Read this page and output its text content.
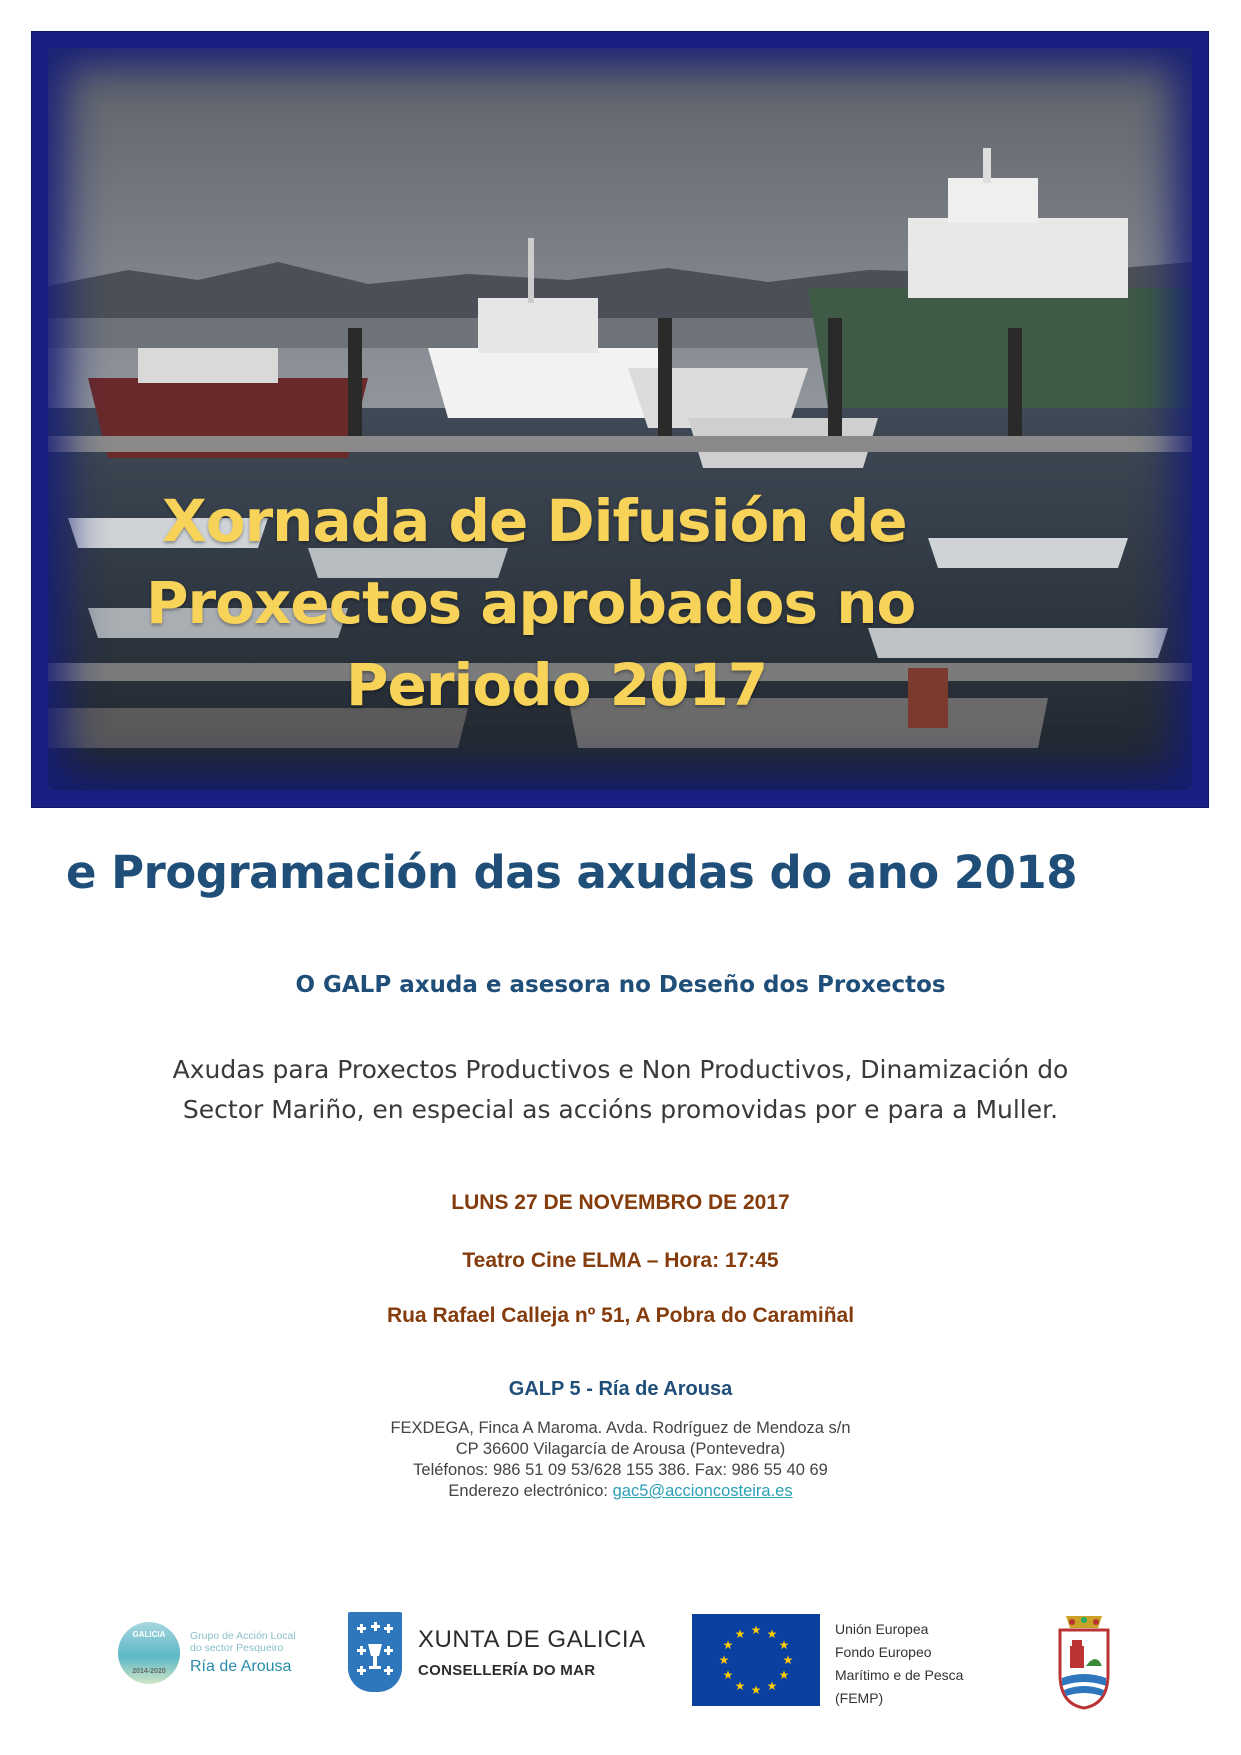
Xornada de Difusión de
Proxectos aprobados no
Periodo 2017
e Programación das axudas do ano 2018
O GALP axuda e asesora no Deseño dos Proxectos
Axudas para Proxectos Productivos e Non Productivos, Dinamización do
Sector Mariño, en especial as accións promovidas por e para a Muller.
LUNS 27 DE NOVEMBRO DE 2017
Teatro Cine ELMA – Hora: 17:45
Rua Rafael Calleja nº 51, A Pobra do Caramiñal
GALP 5 - Ría de Arousa
FEXDEGA, Finca A Maroma. Avda. Rodríguez de Mendoza s/n
CP 36600 Vilagarcía de Arousa (Pontevedra)
Teléfonos: 986 51 09 53/628 155 386. Fax: 986 55 40 69
Enderezo electrónico: gac5@accioncosteira.es
GALICIA
2014-2020
Grupo de Acción Local
do sector Pesqueiro
Ría de Arousa
XUNTA DE GALICIA
CONSELLERÍA DO MAR
★ ★
★
★
★
★
★
★
★
★
★
★	Unión Europea
Fondo Europeo
Marítimo e de Pesca
(FEMP)
